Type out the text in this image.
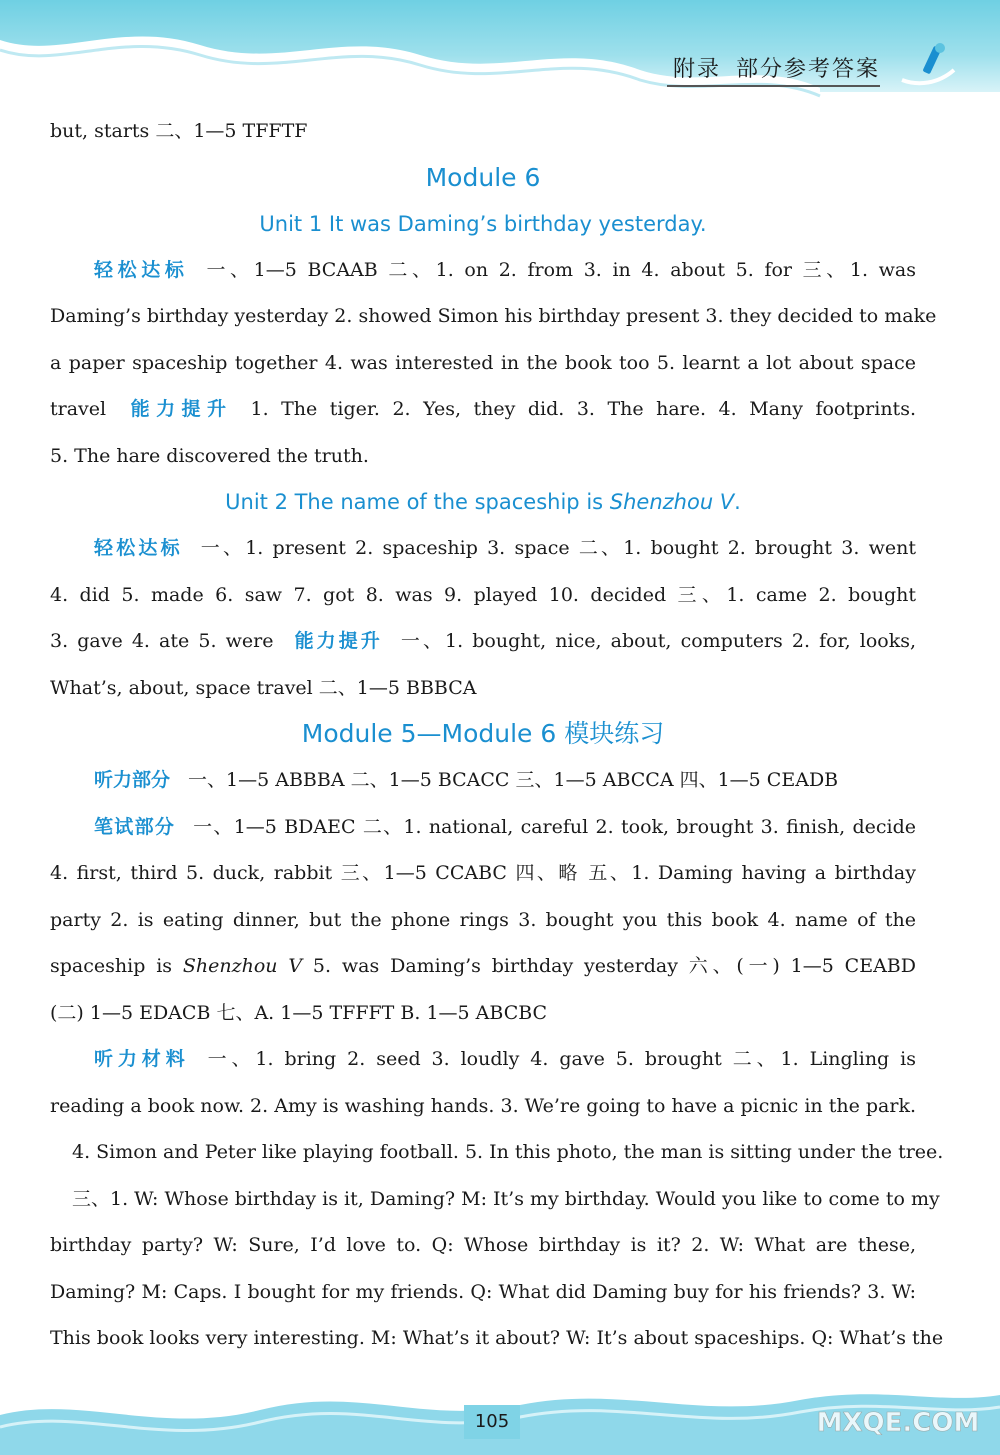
附录 部分参考答案
but, starts 二、1—5 TFFTF
Module 6
Unit 1 It was Daming’s birthday yesterday.
轻松达标 一、1—5 BCAAB 二、1. on 2. from 3. in 4. about 5. for 三、1. was
Daming’s birthday yesterday 2. showed Simon his birthday present 3. they decided to make
a paper spaceship together 4. was interested in the book too 5. learnt a lot about space
travel 能力提升 1. The tiger. 2. Yes, they did. 3. The hare. 4. Many footprints.
5. The hare discovered the truth.
Unit 2 The name of the spaceship is Shenzhou V.
轻松达标 一、1. present 2. spaceship 3. space 二、1. bought 2. brought 3. went
4. did 5. made 6. saw 7. got 8. was 9. played 10. decided 三、1. came 2. bought
3. gave 4. ate 5. were 能力提升 一、1. bought, nice, about, computers 2. for, looks,
What’s, about, space travel 二、1—5 BBBCA
Module 5—Module 6 模块练习
听力部分 一、1—5 ABBBA 二、1—5 BCACC 三、1—5 ABCCA 四、1—5 CEADB
笔试部分 一、1—5 BDAEC 二、1. national, careful 2. took, brought 3. finish, decide
4. first, third 5. duck, rabbit 三、1—5 CCABC 四、略 五、1. Daming having a birthday
party 2. is eating dinner, but the phone rings 3. bought you this book 4. name of the
spaceship is Shenzhou V 5. was Daming’s birthday yesterday 六、(一) 1—5 CEABD
(二) 1—5 EDACB 七、A. 1—5 TFFFT B. 1—5 ABCBC
听力材料 一、1. bring 2. seed 3. loudly 4. gave 5. brought 二、1. Lingling is
reading a book now. 2. Amy is washing hands. 3. We’re going to have a picnic in the park.
4. Simon and Peter like playing football. 5. In this photo, the man is sitting under the tree.
三、1. W: Whose birthday is it, Daming? M: It’s my birthday. Would you like to come to my
birthday party? W: Sure, I’d love to. Q: Whose birthday is it? 2. W: What are these,
Daming? M: Caps. I bought for my friends. Q: What did Daming buy for his friends? 3. W:
This book looks very interesting. M: What’s it about? W: It’s about spaceships. Q: What’s the
105	MXQE.COM
